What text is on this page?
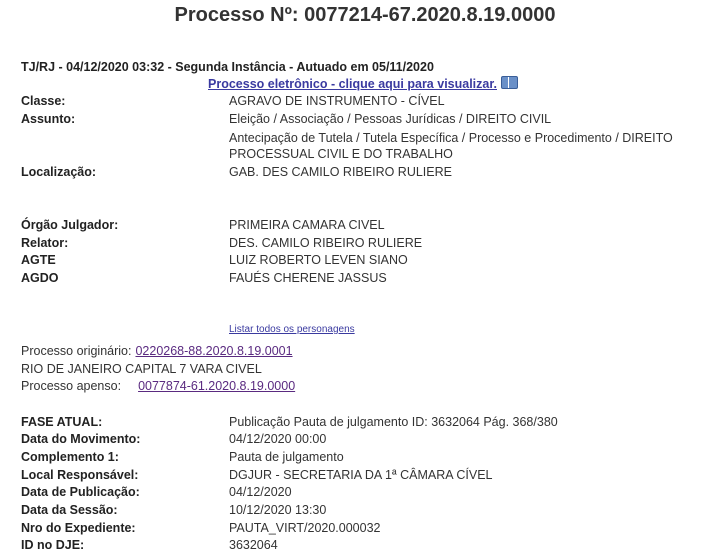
Processo Nº: 0077214-67.2020.8.19.0000
TJ/RJ - 04/12/2020 03:32 - Segunda Instância - Autuado em 05/11/2020
Processo eletrônico - clique aqui para visualizar.
Classe:	AGRAVO DE INSTRUMENTO - CÍVEL
Assunto:	Eleição / Associação / Pessoas Jurídicas / DIREITO CIVIL
Antecipação de Tutela / Tutela Específica / Processo e Procedimento / DIREITO PROCESSUAL CIVIL E DO TRABALHO
Localização:	GAB. DES CAMILO RIBEIRO RULIERE
Órgão Julgador:	PRIMEIRA CAMARA CIVEL
Relator:	DES. CAMILO RIBEIRO RULIERE
AGTE	LUIZ ROBERTO LEVEN SIANO
AGDO	FAUÉS CHERENE JASSUS
Listar todos os personagens
Processo originário: 0220268-88.2020.8.19.0001
RIO DE JANEIRO CAPITAL 7 VARA CIVEL
Processo apenso: 0077874-61.2020.8.19.0000
FASE ATUAL:	Publicação Pauta de julgamento ID: 3632064 Pág. 368/380
Data do Movimento:	04/12/2020 00:00
Complemento 1:	Pauta de julgamento
Local Responsável:	DGJUR - SECRETARIA DA 1ª CÂMARA CÍVEL
Data de Publicação:	04/12/2020
Data da Sessão:	10/12/2020 13:30
Nro do Expediente:	PAUTA_VIRT/2020.000032
ID no DJE:	3632064
